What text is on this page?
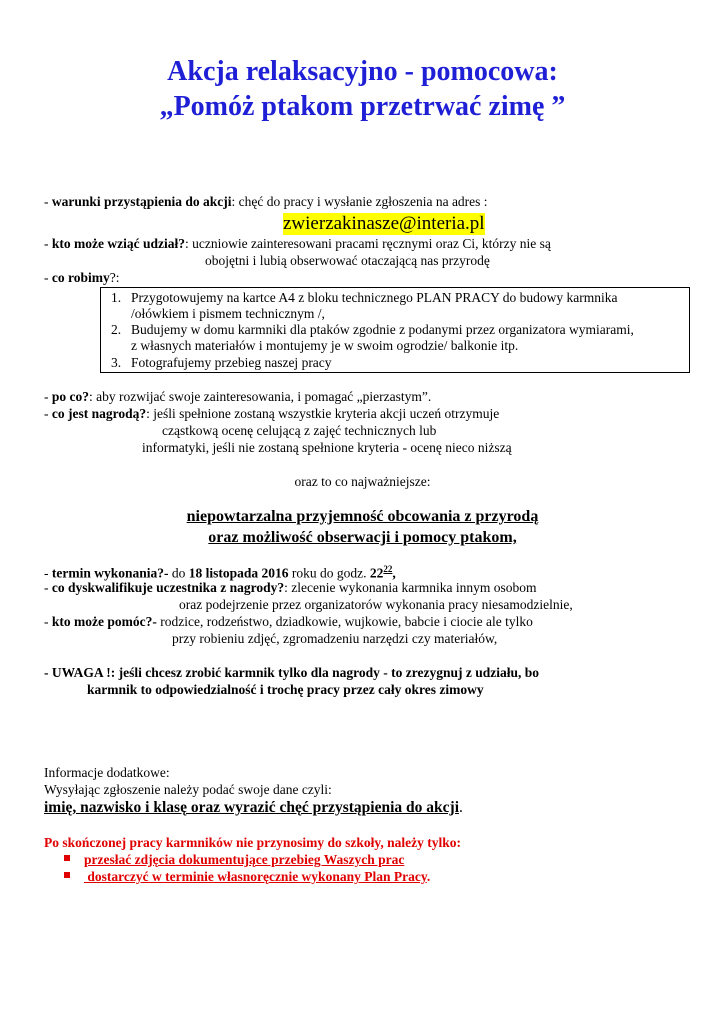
Akcja relaksacyjno - pomocowa:
„Pomóż ptakom przetrwać zimę ”
- warunki przystąpienia do akcji: chęć do pracy i wysłanie zgłoszenia na adres :
zwierzakinasze@interia.pl
- kto może wziąć udział?: uczniowie zainteresowani pracami ręcznymi oraz Ci, którzy nie są
obojętni i lubią obserwować otaczającą nas przyrodę
- co robimy?:
1. Przygotowujemy na kartce A4 z bloku technicznego PLAN PRACY do budowy karmnika
/ołówkiem i pismem technicznym /,
2. Budujemy w domu karmniki dla ptaków zgodnie z podanymi przez organizatora wymiarami,
z własnych materiałów i montujemy je w swoim ogrodzie/ balkonie itp.
3. Fotografujemy przebieg naszej pracy
- po co?: aby rozwijać swoje zainteresowania, i pomagać „pierzastym”.
- co jest nagrodą?: jeśli spełnione zostaną wszystkie kryteria akcji uczeń otrzymuje
cząstkową ocenę celującą z zajęć technicznych lub
informatyki, jeśli nie zostaną spełnione kryteria - ocenę nieco niższą
oraz to co najważniejsze:
niepowtarzalna przyjemność obcowania z przyrodą
oraz możliwość obserwacji i pomocy ptakom,
- termin wykonania?- do 18 listopada 2016 roku do godz. $22^{22}$,
- co dyskwalifikuje uczestnika z nagrody?: zlecenie wykonania karmnika innym osobom
oraz podejrzenie przez organizatorów wykonania pracy niesamodzielnie,
- kto może pomóc?- rodzice, rodzeństwo, dziadkowie, wujkowie, babcie i ciocie ale tylko
przy robieniu zdjęć, zgromadzeniu narzędzi czy materiałów,
- UWAGA !: jeśli chcesz zrobić karmnik tylko dla nagrody - to zrezygnuj z udziału, bo
karmnik to odpowiedzialność i trochę pracy przez cały okres zimowy
Informacje dodatkowe:
Wysyłając zgłoszenie należy podać swoje dane czyli:
imię, nazwisko i klasę oraz wyrazić chęć przystąpienia do akcji.
Po skończonej pracy karmników nie przynosimy do szkoły, należy tylko:
przesłać zdjęcia dokumentujące przebieg Waszych prac
dostarczyć w terminie własnoręcznie wykonany Plan Pracy.
